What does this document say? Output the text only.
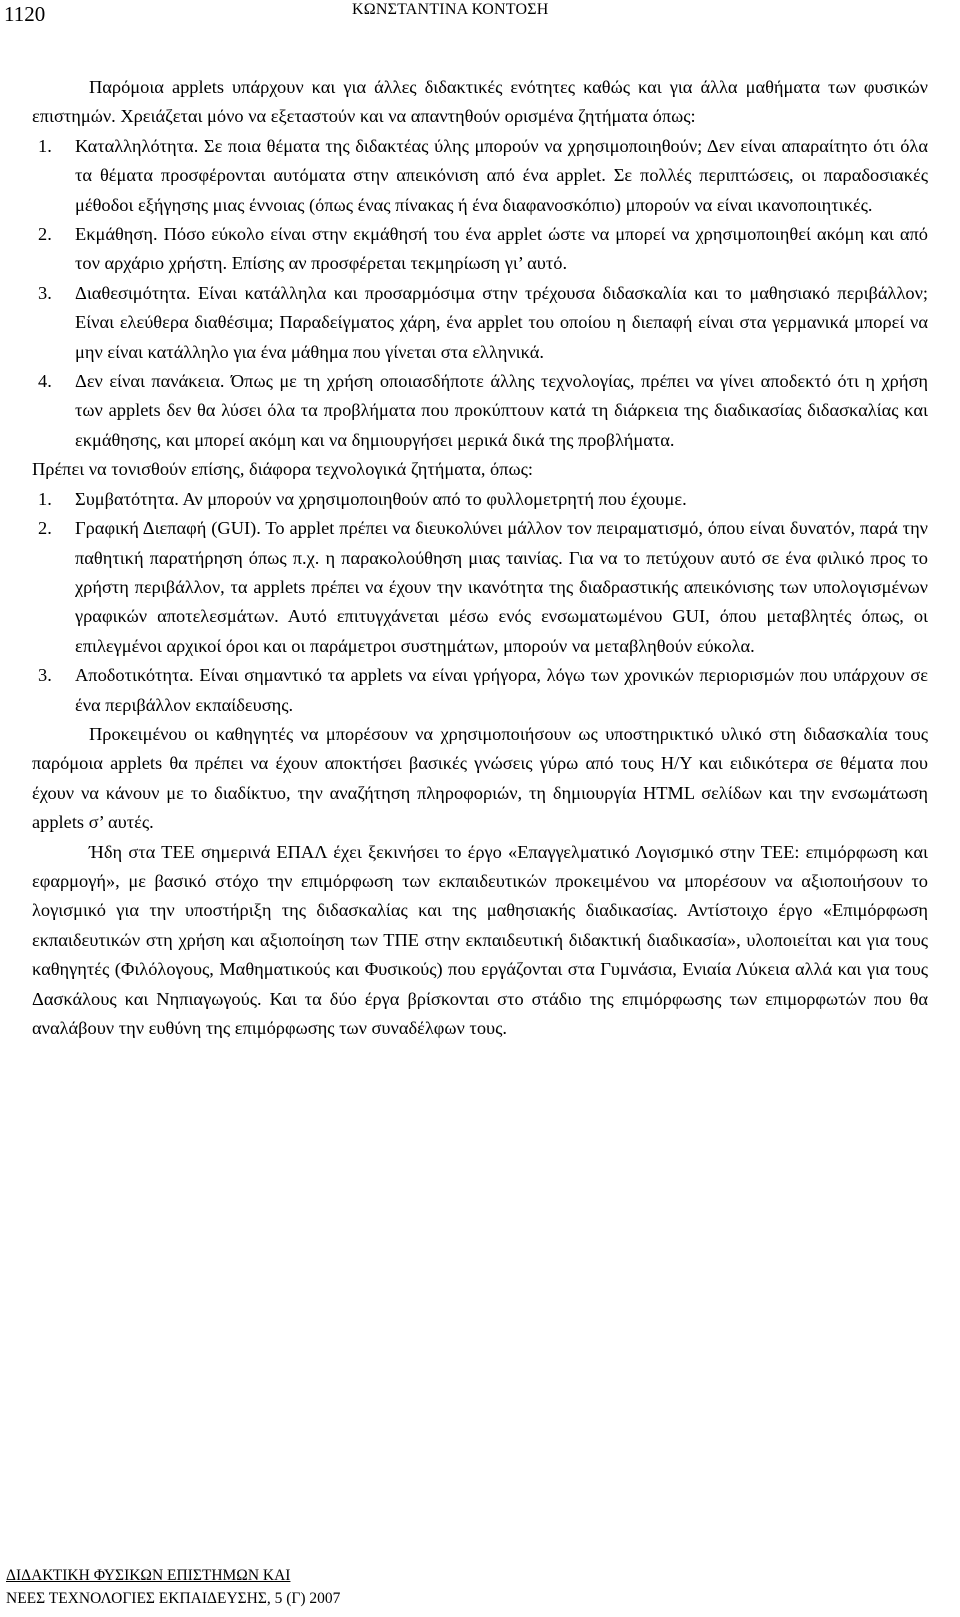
1120	ΚΩΝΣΤΑΝΤΙΝΑ ΚΟΝΤΟΣΗ

Παρόμοια applets υπάρχουν και για άλλες διδακτικές ενότητες καθώς και για άλλα μαθήματα των φυσικών επιστημών. Χρειάζεται μόνο να εξεταστούν και να απαντηθούν ορισμένα ζητήματα όπως:

1.	Καταλληλότητα. Σε ποια θέματα της διδακτέας ύλης μπορούν να χρησιμοποιηθούν; Δεν είναι απαραίτητο ότι όλα τα θέματα προσφέρονται αυτόματα στην απεικόνιση από ένα applet. Σε πολλές περιπτώσεις, οι παραδοσιακές μέθοδοι εξήγησης μιας έννοιας (όπως ένας πίνακας ή ένα διαφανοσκόπιο) μπορούν να είναι ικανοποιητικές.
2.	Εκμάθηση. Πόσο εύκολο είναι στην εκμάθησή του ένα applet ώστε να μπορεί να χρησιμοποιηθεί ακόμη και από τον αρχάριο χρήστη. Επίσης αν προσφέρεται τεκμηρίωση γι’ αυτό.
3.	Διαθεσιμότητα. Είναι κατάλληλα και προσαρμόσιμα στην τρέχουσα διδασκαλία και το μαθησιακό περιβάλλον; Είναι ελεύθερα διαθέσιμα; Παραδείγματος χάρη, ένα applet του οποίου η διεπαφή είναι στα γερμανικά μπορεί να μην είναι κατάλληλο για ένα μάθημα που γίνεται στα ελληνικά.
4.	Δεν είναι πανάκεια. Όπως με τη χρήση οποιασδήποτε άλλης τεχνολογίας, πρέπει να γίνει αποδεκτό ότι η χρήση των applets δεν θα λύσει όλα τα προβλήματα που προκύπτουν κατά τη διάρκεια της διαδικασίας διδασκαλίας και εκμάθησης, και μπορεί ακόμη και να δημιουργήσει μερικά δικά της προβλήματα.

Πρέπει να τονισθούν επίσης, διάφορα τεχνολογικά ζητήματα, όπως:

1.	Συμβατότητα. Αν μπορούν να χρησιμοποιηθούν από το φυλλομετρητή που έχουμε.
2.	Γραφική Διεπαφή (GUI). Το applet πρέπει να διευκολύνει μάλλον τον πειραματισμό, όπου είναι δυνατόν, παρά την παθητική παρατήρηση όπως π.χ. η παρακολούθηση μιας ταινίας. Για να το πετύχουν αυτό σε ένα φιλικό προς το χρήστη περιβάλλον, τα applets πρέπει να έχουν την ικανότητα της διαδραστικής απεικόνισης των υπολογισμένων γραφικών αποτελεσμάτων. Αυτό επιτυγχάνεται μέσω ενός ενσωματωμένου GUI, όπου μεταβλητές όπως, οι επιλεγμένοι αρχικοί όροι και οι παράμετροι συστημάτων, μπορούν να μεταβληθούν εύκολα.
3.	Αποδοτικότητα. Είναι σημαντικό τα applets να είναι γρήγορα, λόγω των χρονικών περιορισμών που υπάρχουν σε ένα περιβάλλον εκπαίδευσης.

Προκειμένου οι καθηγητές να μπορέσουν να χρησιμοποιήσουν ως υποστηρικτικό υλικό στη διδασκαλία τους παρόμοια applets θα πρέπει να έχουν αποκτήσει βασικές γνώσεις γύρω από τους Η/Υ και ειδικότερα σε θέματα που έχουν να κάνουν με το διαδίκτυο, την αναζήτηση πληροφοριών, τη δημιουργία HTML σελίδων και την ενσωμάτωση applets σ’ αυτές.

Ήδη στα ΤΕΕ σημερινά ΕΠΑΛ έχει ξεκινήσει το έργο «Επαγγελματικό Λογισμικό στην ΤΕΕ: επιμόρφωση και εφαρμογή», με βασικό στόχο την επιμόρφωση των εκπαιδευτικών προκειμένου να μπορέσουν να αξιοποιήσουν το λογισμικό για την υποστήριξη της διδασκαλίας και της μαθησιακής διαδικασίας. Αντίστοιχο έργο «Επιμόρφωση εκπαιδευτικών στη χρήση και αξιοποίηση των ΤΠΕ στην εκπαιδευτική διδακτική διαδικασία», υλοποιείται και για τους καθηγητές (Φιλόλογους, Μαθηματικούς και Φυσικούς) που εργάζονται στα Γυμνάσια, Ενιαία Λύκεια αλλά και για τους Δασκάλους και Νηπιαγωγούς. Και τα δύο έργα βρίσκονται στο στάδιο της επιμόρφωσης των επιμορφωτών που θα αναλάβουν την ευθύνη της επιμόρφωσης των συναδέλφων τους.

ΔΙΔΑΚΤΙΚΗ ΦΥΣΙΚΩΝ ΕΠΙΣΤΗΜΩΝ ΚΑΙ
ΝΕΕΣ ΤΕΧΝΟΛΟΓΙΕΣ ΕΚΠΑΙΔΕΥΣΗΣ, 5 (Γ) 2007
